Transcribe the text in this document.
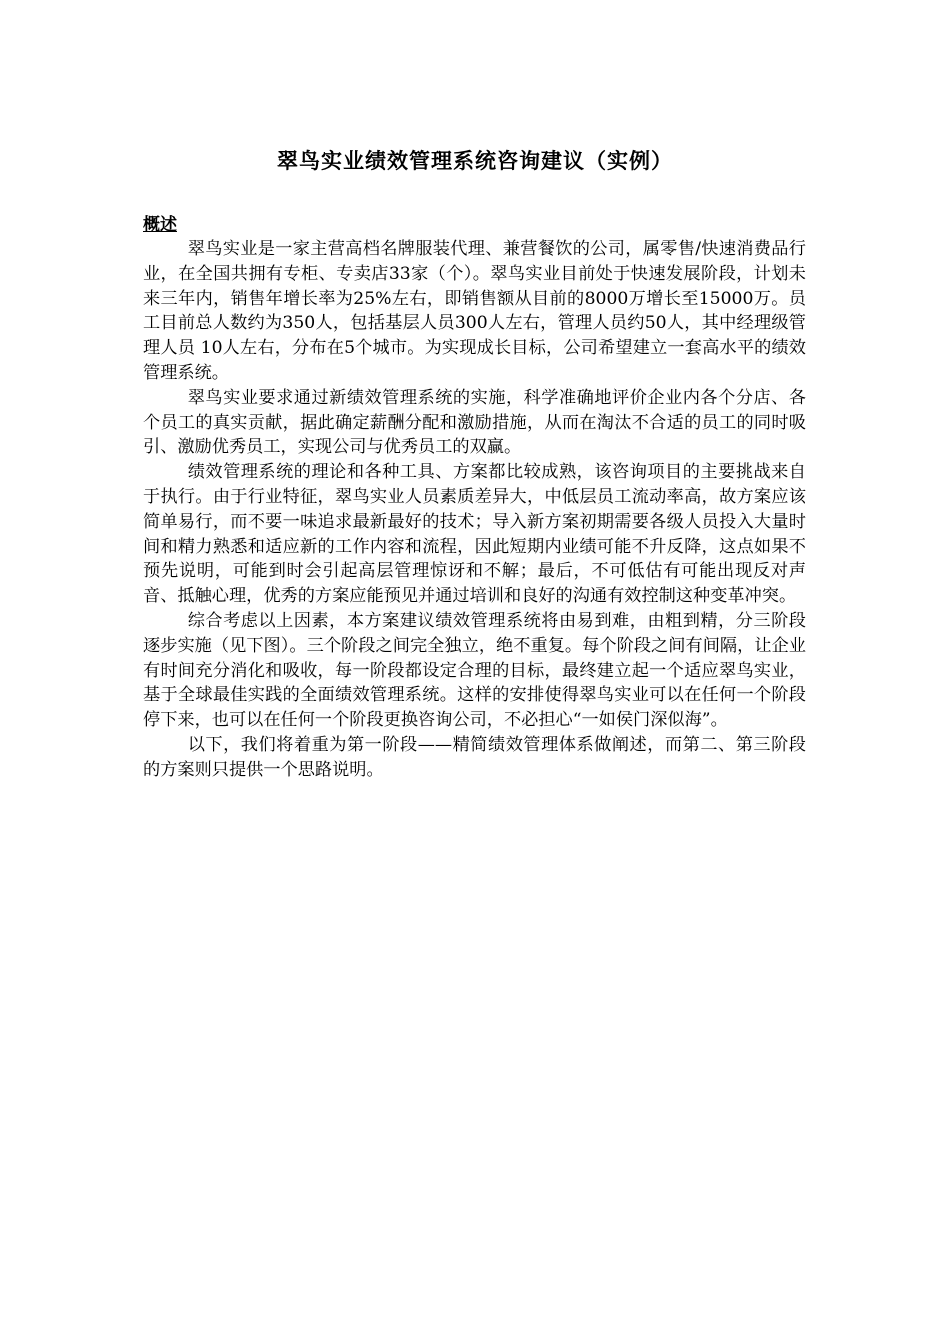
翠鸟实业绩效管理系统咨询建议（实例）
概述

翠鸟实业是一家主营高档名牌服装代理、兼营餐饮的公司，属零售/快速消费品行业，在全国共拥有专柜、专卖店33家（个）。翠鸟实业目前处于快速发展阶段，计划未来三年内，销售年增长率为25%左右，即销售额从目前的8000万增长至15000万。员工目前总人数约为350人，包括基层人员300人左右，管理人员约50人，其中经理级管理人员 10人左右，分布在5个城市。为实现成长目标，公司希望建立一套高水平的绩效管理系统。

翠鸟实业要求通过新绩效管理系统的实施，科学准确地评价企业内各个分店、各个员工的真实贡献，据此确定薪酬分配和激励措施，从而在淘汰不合适的员工的同时吸引、激励优秀员工，实现公司与优秀员工的双赢。

绩效管理系统的理论和各种工具、方案都比较成熟，该咨询项目的主要挑战来自于执行。由于行业特征，翠鸟实业人员素质差异大，中低层员工流动率高，故方案应该简单易行，而不要一味追求最新最好的技术；导入新方案初期需要各级人员投入大量时间和精力熟悉和适应新的工作内容和流程，因此短期内业绩可能不升反降，这点如果不预先说明，可能到时会引起高层管理惊讶和不解；最后，不可低估有可能出现反对声音、抵触心理，优秀的方案应能预见并通过培训和良好的沟通有效控制这种变革冲突。

综合考虑以上因素，本方案建议绩效管理系统将由易到难，由粗到精，分三阶段逐步实施（见下图）。三个阶段之间完全独立，绝不重复。每个阶段之间有间隔，让企业有时间充分消化和吸收，每一阶段都设定合理的目标，最终建立起一个适应翠鸟实业，基于全球最佳实践的全面绩效管理系统。这样的安排使得翠鸟实业可以在任何一个阶段停下来，也可以在任何一个阶段更换咨询公司，不必担心“一如侯门深似海”。

以下，我们将着重为第一阶段——精简绩效管理体系做阐述，而第二、第三阶段的方案则只提供一个思路说明。
